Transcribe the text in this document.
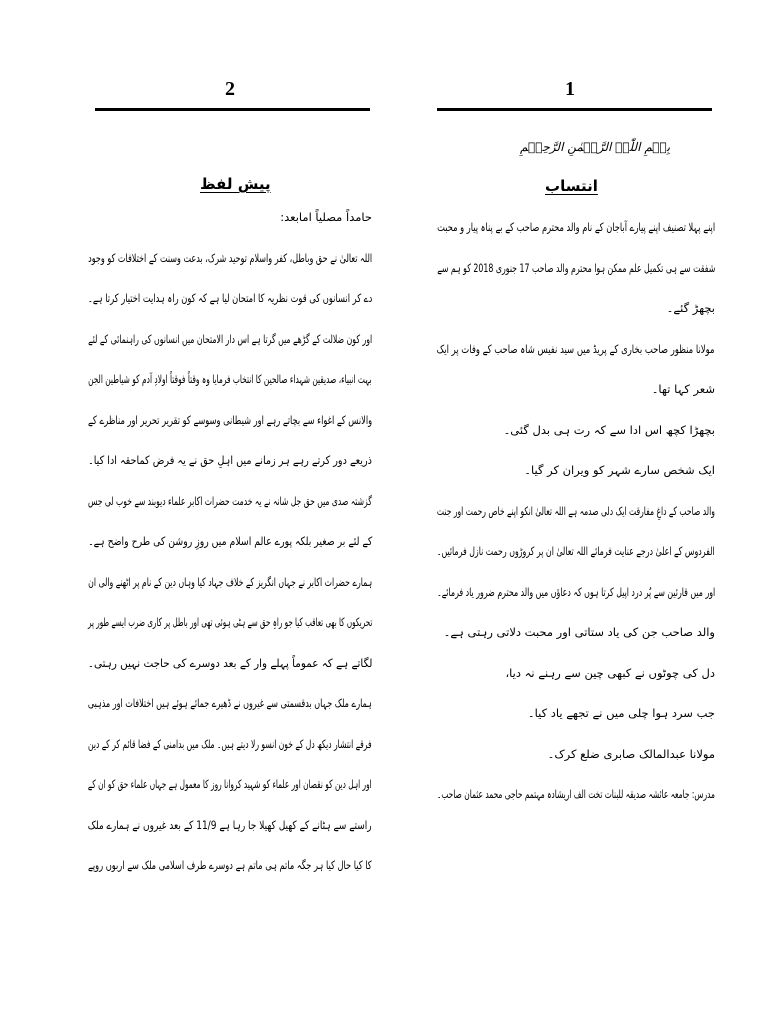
2
پیش لفظ
حامداً مصلیاً امابعد:
اللہ تعالیٰ نے حق وباطل، کفر واسلام توحید شرک، بدعت وسنت کے اختلافات کو وجود
دے کر انسانوں کی قوت نظریہ کا امتحان لیا ہے کہ کون راہ ہدایت اختیار کرتا ہے۔
اور کون ضلالت کے گڑھے میں گرتا ہے اس دار الامتحان میں انسانوں کی راہنمائی کے لئے
بہت انبیاء، صدیقین شہداء صالحین کا انتخاب فرمایا وہ وقتاً فوقتاً اولادِ آدم کو شیاطین الجن
والانس کے اغواء سے بچاتے رہے اور شیطانی وسوسے کو تقریر تحریر اور مناظرے کے
ذریعے دور کرتے رہے ہر زمانے میں اہلِ حق نے یہ فرض کماحقہ ادا کیا۔
گزشتہ صدی میں حق جل شانہ نے یہ خدمت حضرات اکابر علماء دیوبند سے خوب لی جس
کے لئے بر صغیر بلکہ پورے عالم اسلام میں روزِ روشن کی طرح واضح ہے۔
ہمارے حضرات اکابر نے جہاں انگریز کے خلاف جہاد کیا وہاں دین کے نام پر اٹھنے والی ان
تحریکوں کا بھی تعاقب کیا جو راہِ حق سے ہٹی ہوئی تھی اور باطل پر کاری ضرب ایسے طور پر
لگاتے ہے کہ عموماً پہلے وار کے بعد دوسرے کی حاجت نہیں رہتی۔
ہمارے ملک جہاں بدقسمتی سے غیروں نے ڈھیرے جمائے ہوئے ہیں اختلافات اور مذہبی
فرقے انتشار دیکھ دل کے خون انسو رلا دیتے ہیں۔ ملک میں بدامنی کے فضا قائم کر کے دین
اور اہل دین کو نقصان اور علماء کو شہید کروانا روز کا معمول ہے جہاں علماء حق کو ان کے
راستے سے ہٹانے کے کھیل کھیلا جا رہا ہے 11/9 کے بعد غیروں نے ہمارے ملک
کا کیا حال کیا ہر جگہ ماتم ہی ماتم ہے دوسرے طرف اسلامی ملک سے اربوں روپے
1
بِسۡمِ اللّٰہِ الرَّحۡمٰنِ الرَّحِیۡمِ
انتساب
اپنے پہلا تصنیف اپنے پیارے آباجان کے نام والد محترم صاحب کے بے پناہ پیار و محبت
شفقت سے ہی تکمیل علم ممکن ہوا محترم والد صاحب 17 جنوری 2018 کو ہم سے
بچھڑ گئے۔
مولانا منظور صاحب بخاری کے پریڈ میں سید نفیس شاہ صاحب کے وفات پر ایک
شعر کہا تھا۔
بچھڑا کچھ اس ادا سے کہ رت ہی بدل گئی۔
ایک شخص سارے شہر کو ویران کر گیا۔
والد صاحب کے داغِ مفارقت ایک دلی صدمہ ہے اللہ تعالیٰ انکو اپنے خاص رحمت اور جنت
الفردوس کے اعلیٰ درجے عنایت فرمائے اللہ تعالیٰ ان پر کروڑوں رحمت نازل فرمائیں۔
اور میں قارئین سے پُر درد اپیل کرتا ہوں کہ دعاؤں میں والد محترم ضرور یاد فرمائے۔
والد صاحب جن کی یاد ستاتی اور محبت دلاتی رہتی ہے۔
دل کی چوٹوں نے کبھی چین سے رہنے نہ دیا،
جب سرد ہوا چلی میں نے تجھے یاد کیا۔
مولانا عبدالمالک صابری ضلع کرک۔
مدرس: جامعہ عائشہ صدیقہ للبنات تخت الف اریشادہ مہتمم حاجی محمد عثمان صاحب۔
